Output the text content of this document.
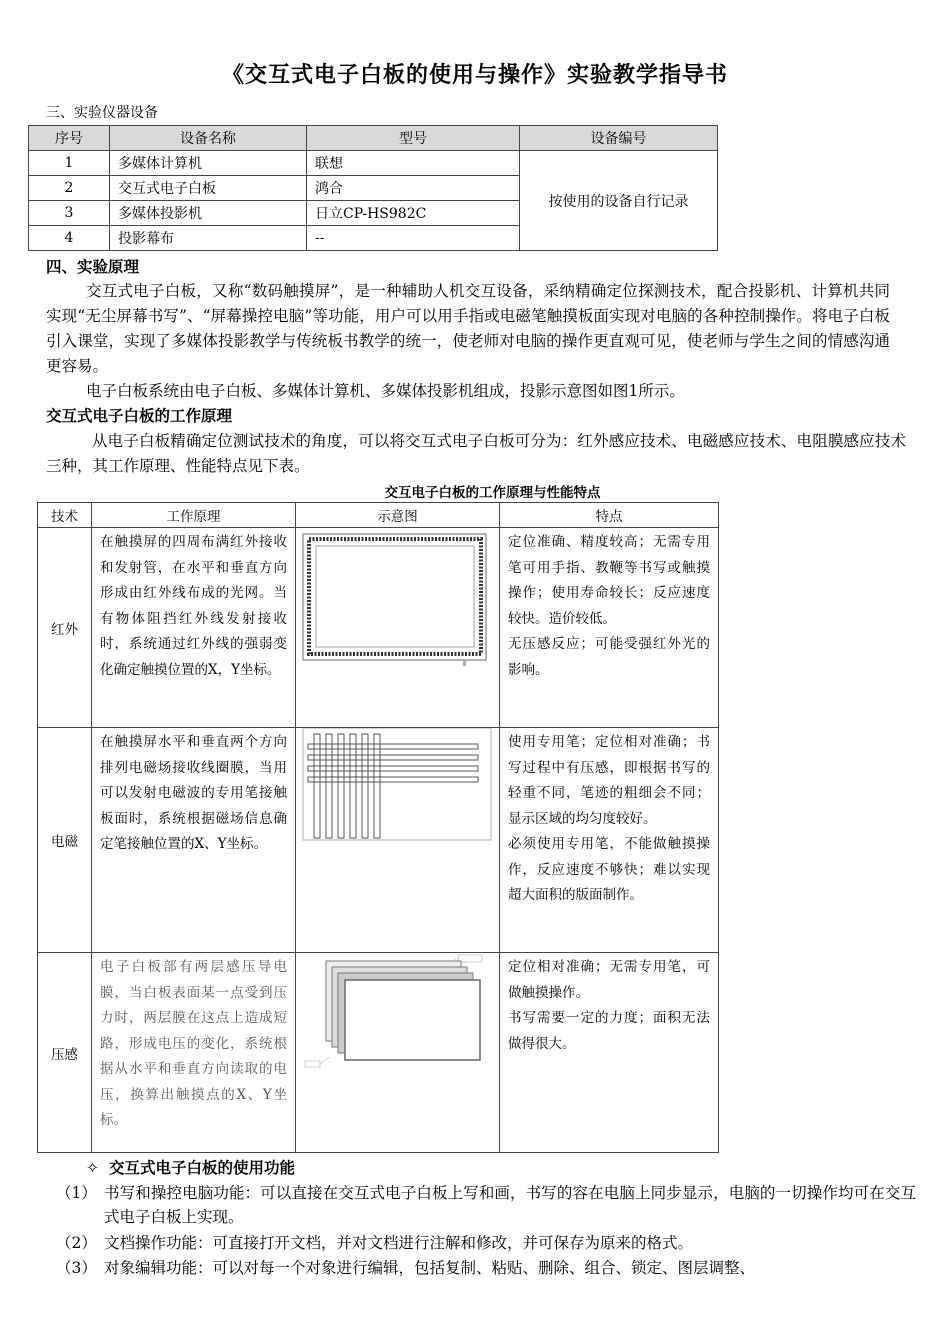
《交互式电子白板的使用与操作》实验教学指导书
三、实验仪器设备
序号	设备名称	型号	设备编号
1	多媒体计算机	联想	按使用的设备自行记录
2	交互式电子白板	鸿合	
3	多媒体投影机	日立CP-HS982C	
4	投影幕布	--	
四、实验原理
交互式电子白板，又称“数码触摸屏”，是一种辅助人机交互设备，采纳精确定位探测技术，配合投影机、计算机共同实现“无尘屏幕书写”、“屏幕操控电脑”等功能，用户可以用手指或电磁笔触摸板面实现对电脑的各种控制操作。将电子白板引入课堂，实现了多媒体投影教学与传统板书教学的统一，使老师对电脑的操作更直观可见，使老师与学生之间的情感沟通更容易。
电子白板系统由电子白板、多媒体计算机、多媒体投影机组成，投影示意图如图1所示。
交互式电子白板的工作原理
从电子白板精确定位测试技术的角度，可以将交互式电子白板可分为：红外感应技术、电磁感应技术、电阻膜感应技术三种，其工作原理、性能特点见下表。
交互电子白板的工作原理与性能特点
技术	工作原理	示意图	特点
红外	在触摸屏的四周布满红外接收和发射管，在水平和垂直方向形成由红外线布成的光网。当有物体阻挡红外线发射接收时，系统通过红外线的强弱变化确定触摸位置的X，Y坐标。		定位准确、精度较高；无需专用笔可用手指、教鞭等书写或触摸操作；使用寿命较长；反应速度较快。造价较低。
无压感反应；可能受强红外光的影响。

电磁	在触摸屏水平和垂直两个方向排列电磁场接收线圈膜，当用可以发射电磁波的专用笔接触板面时，系统根据磁场信息确定笔接触位置的X、Y坐标。		使用专用笔；定位相对准确；书写过程中有压感，即根据书写的轻重不同，笔迹的粗细会不同；显示区域的均匀度较好。
必须使用专用笔，不能做触摸操作，反应速度不够快；难以实现超大面积的版面制作。

压感	电子白板部有两层感压导电膜，当白板表面某一点受到压力时，两层膜在这点上造成短路，形成电压的变化，系统根据从水平和垂直方向读取的电压，换算出触摸点的X、Y坐标。		定位相对准确；无需专用笔，可做触摸操作。
书写需要一定的力度；面积无法做得很大。
✧ 交互式电子白板的使用功能
（1） 书写和操控电脑功能：可以直接在交互式电子白板上写和画，书写的容在电脑上同步显示，电脑的一切操作均可在交互式电子白板上实现。
（2） 文档操作功能：可直接打开文档，并对文档进行注解和修改，并可保存为原来的格式。
（3） 对象编辑功能：可以对每一个对象进行编辑，包括复制、粘贴、删除、组合、锁定、图层调整、
